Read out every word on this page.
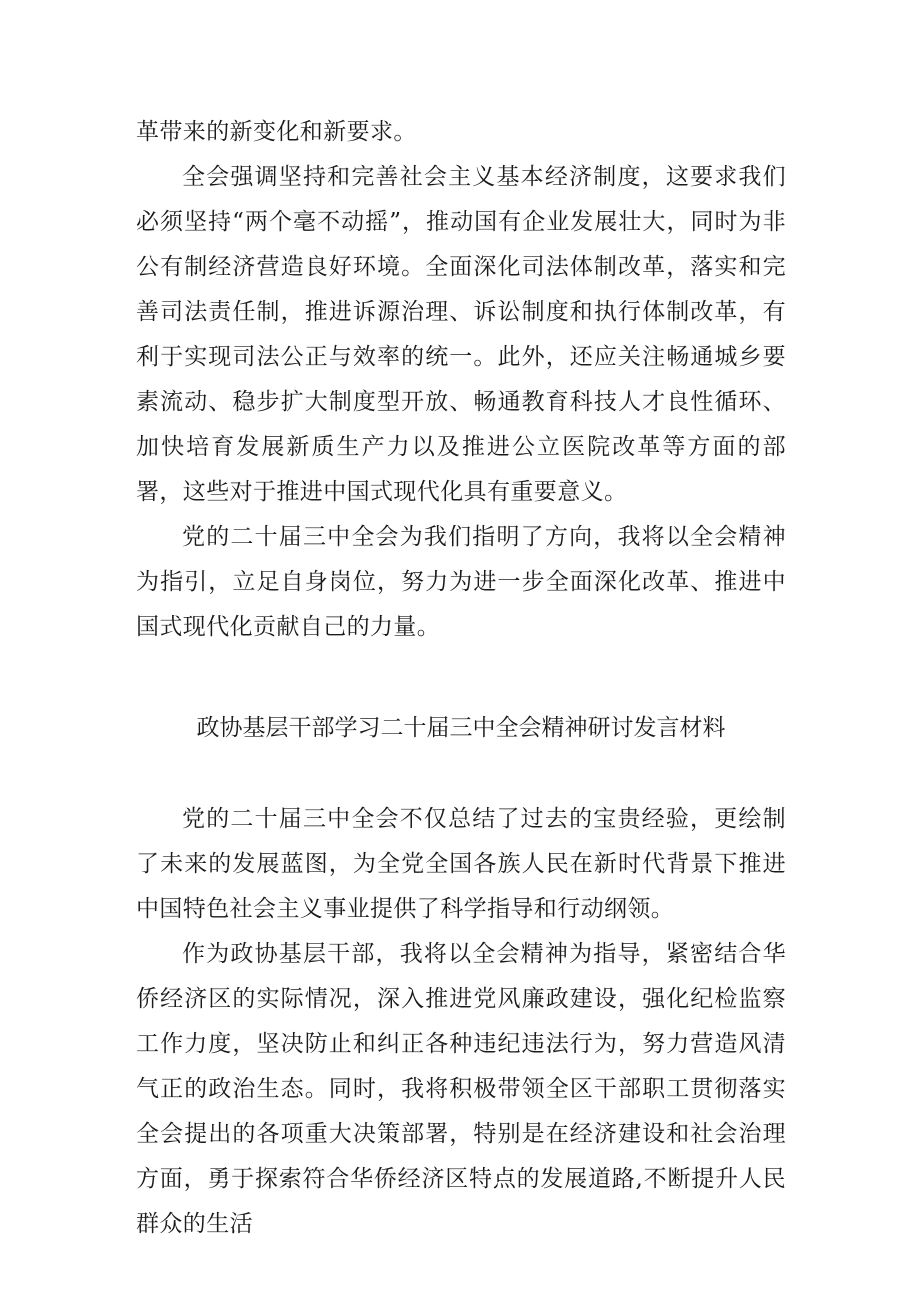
革带来的新变化和新要求。

全会强调坚持和完善社会主义基本经济制度，这要求我们必须坚持“两个毫不动摇”，推动国有企业发展壮大，同时为非公有制经济营造良好环境。全面深化司法体制改革，落实和完善司法责任制，推进诉源治理、诉讼制度和执行体制改革，有利于实现司法公正与效率的统一。此外，还应关注畅通城乡要素流动、稳步扩大制度型开放、畅通教育科技人才良性循环、加快培育发展新质生产力以及推进公立医院改革等方面的部署，这些对于推进中国式现代化具有重要意义。

党的二十届三中全会为我们指明了方向，我将以全会精神为指引，立足自身岗位，努力为进一步全面深化改革、推进中国式现代化贡献自己的力量。

政协基层干部学习二十届三中全会精神研讨发言材料

党的二十届三中全会不仅总结了过去的宝贵经验，更绘制了未来的发展蓝图，为全党全国各族人民在新时代背景下推进中国特色社会主义事业提供了科学指导和行动纲领。

作为政协基层干部，我将以全会精神为指导，紧密结合华侨经济区的实际情况，深入推进党风廉政建设，强化纪检监察工作力度，坚决防止和纠正各种违纪违法行为，努力营造风清气正的政治生态。同时，我将积极带领全区干部职工贯彻落实全会提出的各项重大决策部署，特别是在经济建设和社会治理方面，勇于探索符合华侨经济区特点的发展道路,不断提升人民群众的生活
